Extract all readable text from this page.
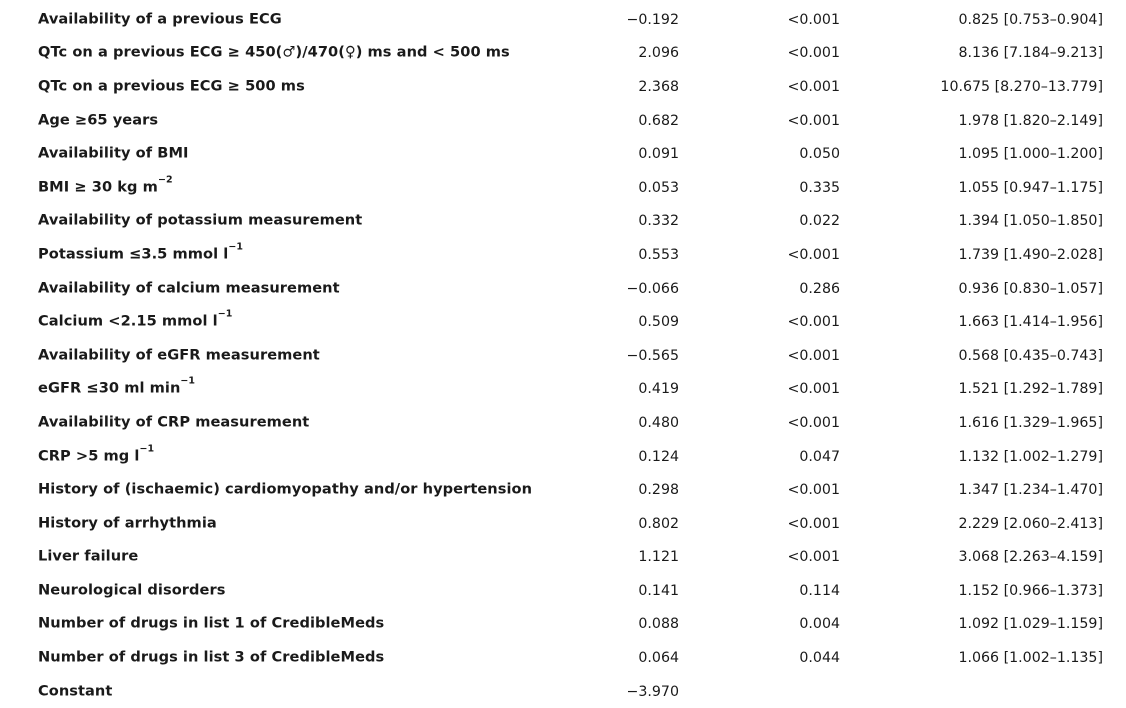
Availability of a previous ECG	−0.192	<0.001	0.825 [0.753–0.904]
QTc on a previous ECG ≥ 450(♂)/470(♀) ms and < 500 ms	2.096	<0.001	8.136 [7.184–9.213]
QTc on a previous ECG ≥ 500 ms	2.368	<0.001	10.675 [8.270–13.779]
Age ≥65 years	0.682	<0.001	1.978 [1.820–2.149]
Availability of BMI	0.091	0.050	1.095 [1.000–1.200]
BMI ≥ 30 kg $m^{-2}$	0.053	0.335	1.055 [0.947–1.175]
Availability of potassium measurement	0.332	0.022	1.394 [1.050–1.850]
Potassium ≤3.5 mmol $l^{-1}$	0.553	<0.001	1.739 [1.490–2.028]
Availability of calcium measurement	−0.066	0.286	0.936 [0.830–1.057]
Calcium <2.15 mmol $l^{-1}$	0.509	<0.001	1.663 [1.414–1.956]
Availability of eGFR measurement	−0.565	<0.001	0.568 [0.435–0.743]
eGFR ≤30 ml $\min^{-1}$	0.419	<0.001	1.521 [1.292–1.789]
Availability of CRP measurement	0.480	<0.001	1.616 [1.329–1.965]
CRP >5 mg $l^{-1}$	0.124	0.047	1.132 [1.002–1.279]
History of (ischaemic) cardiomyopathy and/or hypertension	0.298	<0.001	1.347 [1.234–1.470]
History of arrhythmia	0.802	<0.001	2.229 [2.060–2.413]
Liver failure	1.121	<0.001	3.068 [2.263–4.159]
Neurological disorders	0.141	0.114	1.152 [0.966–1.373]
Number of drugs in list 1 of CredibleMeds	0.088	0.004	1.092 [1.029–1.159]
Number of drugs in list 3 of CredibleMeds	0.064	0.044	1.066 [1.002–1.135]
Constant	−3.970
